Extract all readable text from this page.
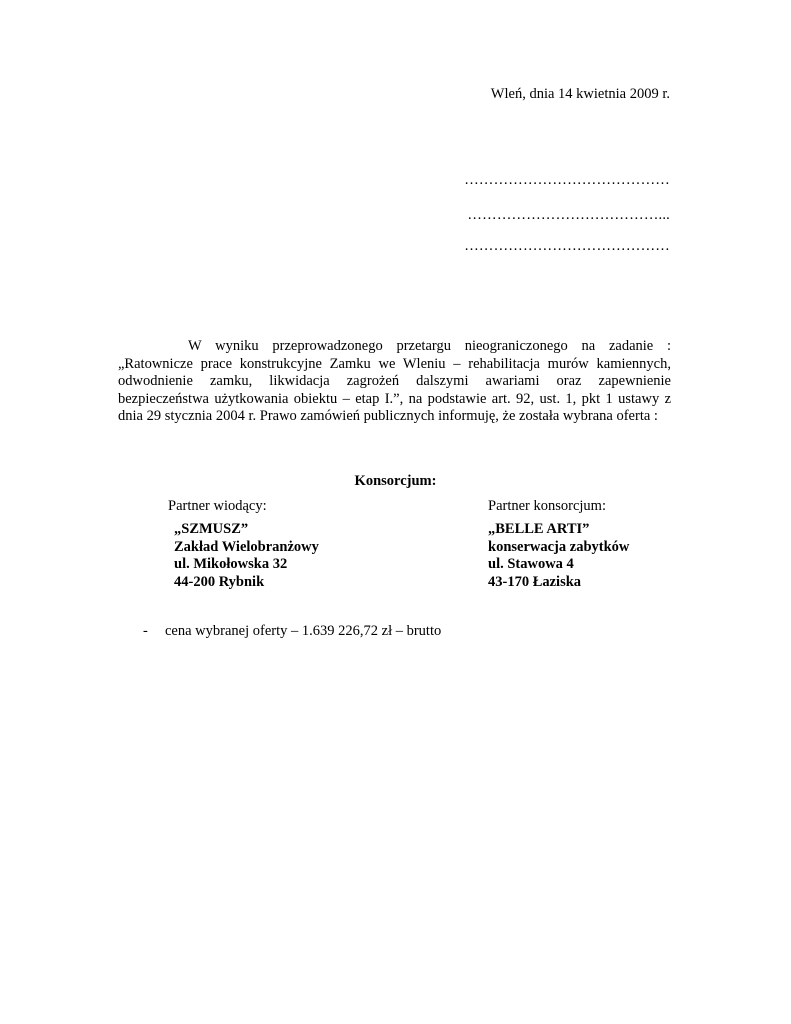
Wleń, dnia 14 kwietnia 2009 r.
……………………………………
…………………………………...
……………………………………
W wyniku przeprowadzonego przetargu nieograniczonego na zadanie :
„Ratownicze prace konstrukcyjne Zamku we Wleniu – rehabilitacja murów kamiennych,
odwodnienie zamku, likwidacja zagrożeń dalszymi awariami oraz zapewnienie
bezpieczeństwa użytkowania obiektu – etap I.”, na podstawie art. 92, ust. 1, pkt 1 ustawy z
dnia 29 stycznia 2004 r. Prawo zamówień publicznych informuję, że została wybrana oferta :
Konsorcjum:
Partner wiodący:	Partner konsorcjum:
„SZMUSZ”
Zakład Wielobranżowy
ul. Mikołowska 32
44-200 Rybnik
„BELLE ARTI”
konserwacja zabytków
ul. Stawowa 4
43-170 Łaziska
- cena wybranej oferty – 1.639 226,72 zł – brutto
